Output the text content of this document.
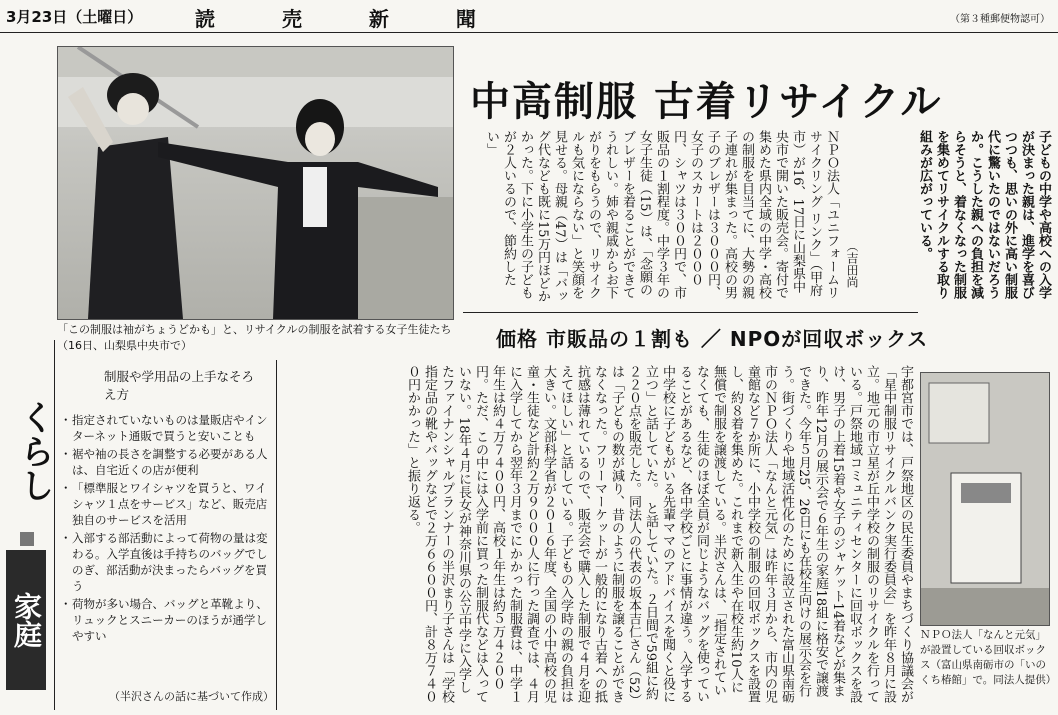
3月23日（土曜日）	読 売 新 聞	（第３種郵便物認可）
「この制服は袖がちょうどかも」と、リサイクルの制服を試着する女子生徒たち（16日、山梨県中央市で）
中高制服 古着リサイクル
価格 市販品の１割も ／ NPOが回収ボックス
子どもの中学や高校への入学が決まった親は、進学を喜びつつも、思いの外に高い制服代に驚いたのではないだろうか。こうした親への負担を減らそうと、着なくなった制服を集めてリサイクルする取り組みが広がっている。
（吉田尚
ＮＰＯ法人「ユニフォームリサイクリング リンク」（甲府市）が16、17日に山梨県中央市で開いた販売会。寄付で集めた県内全域の中学・高校の制服を目当てに、大勢の親子連れが集まった。高校の男子のブレザーは３０００円、女子のスカートは２０００円、シャツは３００円で、市販品の１割程度。中学３年の女子生徒（15）は、「念願のブレザーを着ることができてうれしい。姉や親戚からお下がりをもらうので、リサイクルも気にならない」と笑顔を見せる。母親（47）は「バッグ代なども既に15万円ほどかかった。下に小学生の子どもが２人いるので、節約したい」
宇都宮市では、戸祭地区の民生委員やまちづくり協議会が「星中制服リサイクルバンク実行委員会」を昨年８月に設立。地元の市立星が丘中学校の制服のリサイクルを行っている。戸祭地域コミュニティセンターに回収ボックスを設け、男子の上着15着や女子のジャケット14着などが集まり、昨年12月の展示会で６年生の家庭18組に格安で譲渡できた。今年５月25、26日にも在校生向けの展示会を行う。街づくりや地域活性化のために設立された富山県南砺市のＮＰＯ法人「なんと元気」は昨年３月から、市内の児童館など７か所に、小中学校の制服の回収ボックスを設置し、約８着を集めた。これまで新入生や在校生約10人に無償で制服を譲渡している。半沢さんは、「指定されていなくても、生徒のほぼ全員が同じようなバッグを使っていることがあるなど、各中学校ごとに事情が違う。入学する中学校に子どもがいる先輩ママのアドバイスを聞くと役に立つ」と話していた。　と話していた。２日間で59組に約２２０点を販売した。同法人の代表の坂本吉仁さん（52）は「子どもの数が減り、昔のように制服を譲ることができなくなった。フリーマーケットが一般的になり古着への抵抗感は薄れているので、販売会で購入した制服で４月を迎えてほしい」と話している。子どもの入学時の親の負担は大きい。文部科学省が２０１６年度、全国の小中高校の児童・生徒など計約２万９０００人に行った調査では、４月に入学してから翌年３月までにかかった制服費は、中学１年生は約４万７４００円、高校１年生は約５万４２００円。ただ、この中には入学前に買った制服代などは入っていない。18年４月に長女が神奈川県の公立中学に入学したファイナンシャルプランナーの半沢まり子さんは「学校指定品の靴やバッグなどで２万６６００円、計８万７４００円かかった」と振り返る。
ＮＰＯ法人「なんと元気」が設置している回収ボックス（富山県南砺市の「いのくち椿館」で。同法人提供）
制服や学用品の上手なそろえ方
・ 指定されていないものは量販店やインターネット通販で買うと安いことも
・ 裾や袖の長さを調整する必要がある人は、自宅近くの店が便利
・ 「標準服とワイシャツを買うと、ワイシャツ１点をサービス」など、販売店独自のサービスを活用
・ 入部する部活動によって荷物の量は変わる。入学直後は手持ちのバッグでしのぎ、部活動が決まったらバッグを買う
・ 荷物が多い場合、バッグと革靴より、リュックとスニーカーのほうが通学しやすい
（半沢さんの話に基づいて作成）
くらし
家庭
